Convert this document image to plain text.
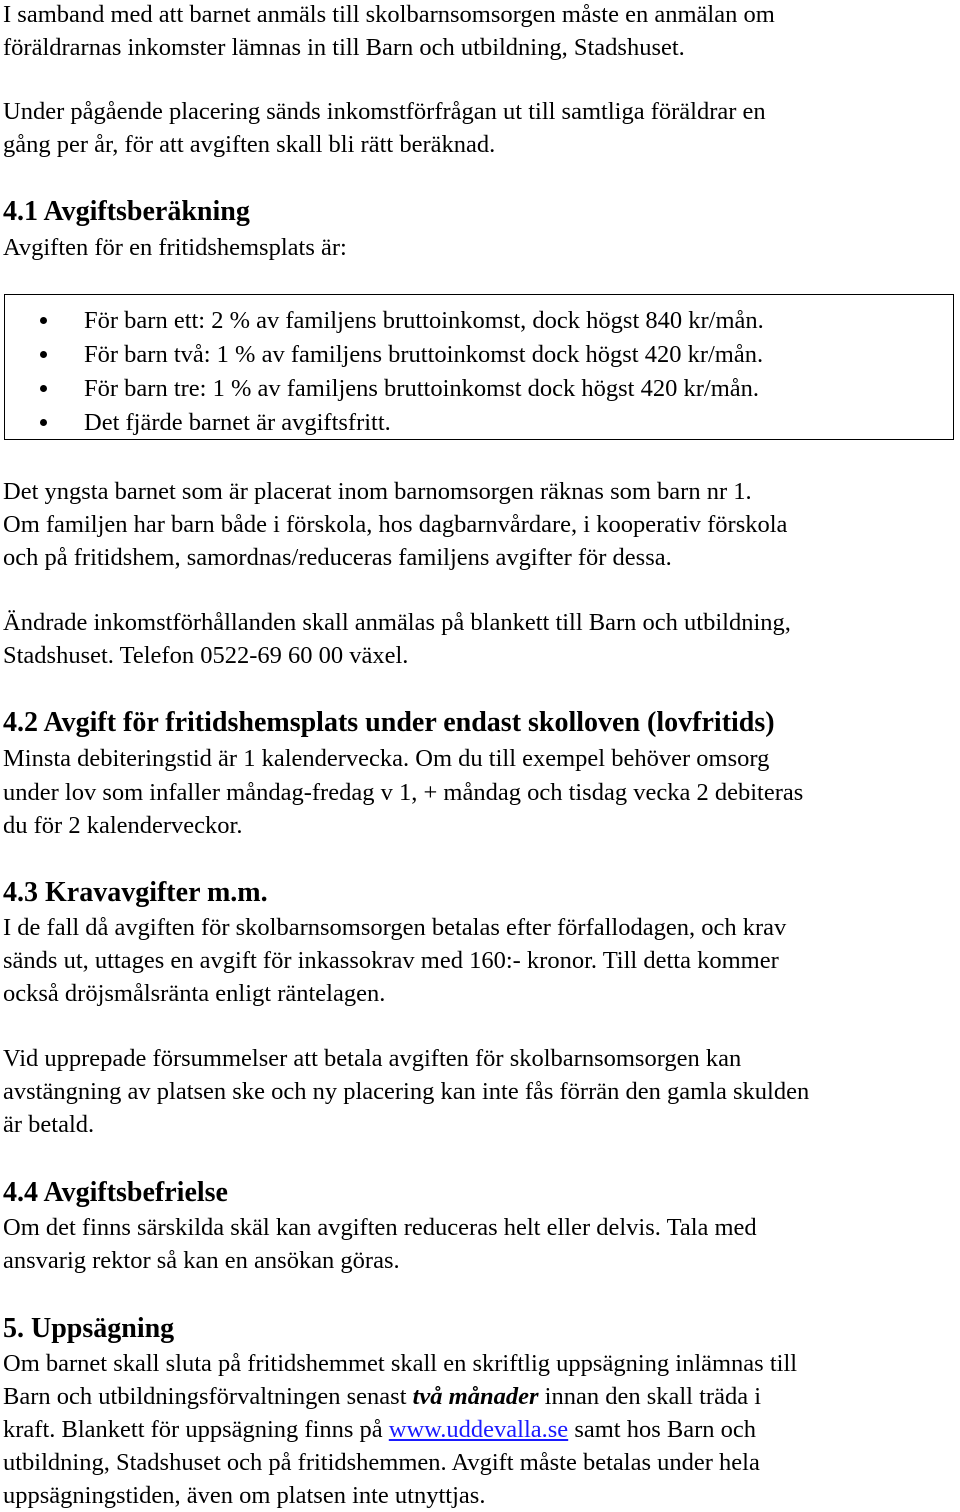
I samband med att barnet anmäls till skolbarnsomsorgen måste en anmälan om

föräldrarnas inkomster lämnas in till Barn och utbildning, Stadshuset.

Under pågående placering sänds inkomstförfrågan ut till samtliga föräldrar en

gång per år, för att avgiften skall bli rätt beräknad.

4.1 Avgiftsberäkning

Avgiften för en fritidshemsplats är:

För barn ett: 2 % av familjens bruttoinkomst, dock högst 840 kr/mån.
För barn två: 1 % av familjens bruttoinkomst dock högst 420 kr/mån.
För barn tre: 1 % av familjens bruttoinkomst dock högst 420 kr/mån.
Det fjärde barnet är avgiftsfritt.

Det yngsta barnet som är placerat inom barnomsorgen räknas som barn nr 1.

Om familjen har barn både i förskola, hos dagbarnvårdare, i kooperativ förskola

och på fritidshem, samordnas/reduceras familjens avgifter för dessa.

Ändrade inkomstförhållanden skall anmälas på blankett till Barn och utbildning,

Stadshuset. Telefon 0522-69 60 00 växel.

4.2 Avgift för fritidshemsplats under endast skolloven (lovfritids)

Minsta debiteringstid är 1 kalendervecka. Om du till exempel behöver omsorg

under lov som infaller måndag-fredag v 1, + måndag och tisdag vecka 2 debiteras

du för 2 kalenderveckor.

4.3 Kravavgifter m.m.

I de fall då avgiften för skolbarnsomsorgen betalas efter förfallodagen, och krav

sänds ut, uttages en avgift för inkassokrav med 160:- kronor. Till detta kommer

också dröjsmålsränta enligt räntelagen.

Vid upprepade försummelser att betala avgiften för skolbarnsomsorgen kan

avstängning av platsen ske och ny placering kan inte fås förrän den gamla skulden

är betald.

4.4 Avgiftsbefrielse

Om det finns särskilda skäl kan avgiften reduceras helt eller delvis. Tala med

ansvarig rektor så kan en ansökan göras.

5. Uppsägning

Om barnet skall sluta på fritidshemmet skall en skriftlig uppsägning inlämnas till

Barn och utbildningsförvaltningen senast två månader innan den skall träda i

kraft. Blankett för uppsägning finns på www.uddevalla.se samt hos Barn och

utbildning, Stadshuset och på fritidshemmen. Avgift måste betalas under hela

uppsägningstiden, även om platsen inte utnyttjas.
